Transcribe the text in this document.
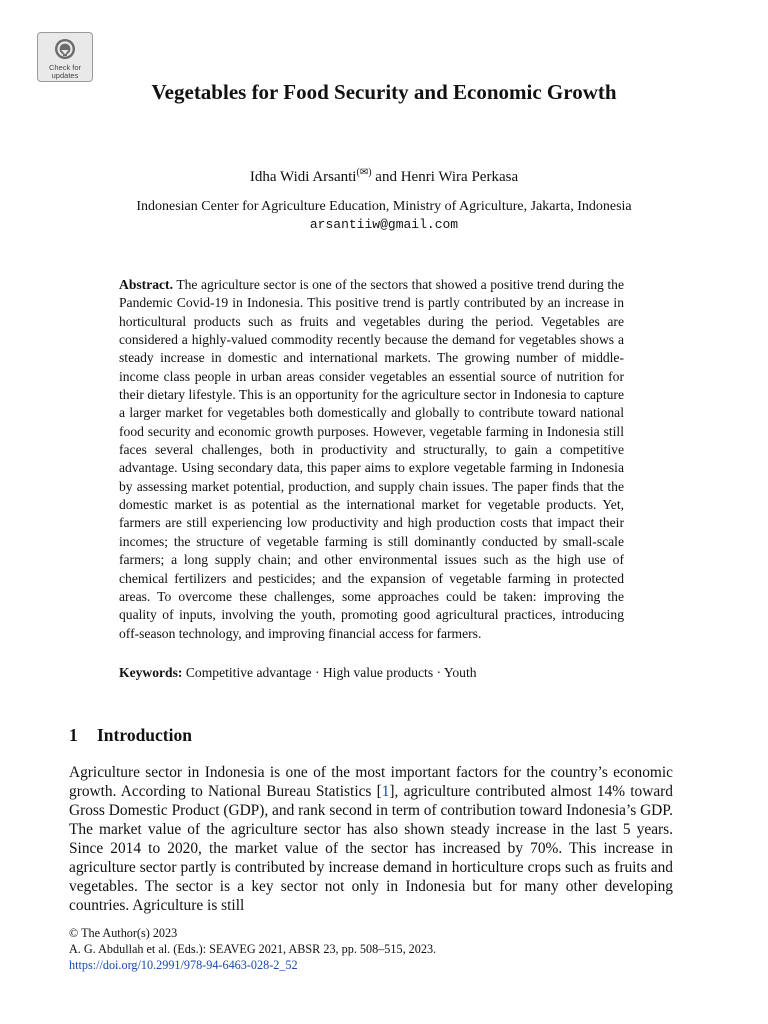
Check for
updates
Vegetables for Food Security and Economic Growth
Idha Widi Arsanti(✉) and Henri Wira Perkasa
Indonesian Center for Agriculture Education, Ministry of Agriculture, Jakarta, Indonesia
arsantiiw@gmail.com

Abstract. The agriculture sector is one of the sectors that showed a positive trend during the Pandemic Covid-19 in Indonesia. This positive trend is partly contributed by an increase in horticultural products such as fruits and vegetables during the period. Vegetables are considered a highly-valued commodity recently because the demand for vegetables shows a steady increase in domestic and international markets. The growing number of middle-income class people in urban areas consider vegetables an essential source of nutrition for their dietary lifestyle. This is an opportunity for the agriculture sector in Indonesia to capture a larger market for vegetables both domestically and globally to contribute toward national food security and economic growth purposes. However, vegetable farming in Indonesia still faces several challenges, both in productivity and structurally, to gain a competitive advantage. Using secondary data, this paper aims to explore vegetable farming in Indonesia by assessing market potential, production, and supply chain issues. The paper finds that the domestic market is as potential as the international market for vegetable products. Yet, farmers are still experiencing low productivity and high production costs that impact their incomes; the structure of vegetable farming is still dominantly conducted by small-scale farmers; a long supply chain; and other environmental issues such as the high use of chemical fertilizers and pesticides; and the expansion of vegetable farming in protected areas. To overcome these challenges, some approaches could be taken: improving the quality of inputs, involving the youth, promoting good agricultural practices, introducing off-season technology, and improving financial access for farmers.

Keywords: Competitive advantage · High value products · Youth
1 Introduction

Agriculture sector in Indonesia is one of the most important factors for the country’s economic growth. According to National Bureau Statistics [1], agriculture contributed almost 14% toward Gross Domestic Product (GDP), and rank second in term of contribution toward Indonesia’s GDP. The market value of the agriculture sector has also shown steady increase in the last 5 years. Since 2014 to 2020, the market value of the sector has increased by 70%. This increase in agriculture sector partly is contributed by increase demand in horticulture crops such as fruits and vegetables. The sector is a key sector not only in Indonesia but for many other developing countries. Agriculture is still

© The Author(s) 2023
A. G. Abdullah et al. (Eds.): SEAVEG 2021, ABSR 23, pp. 508–515, 2023.
https://doi.org/10.2991/978-94-6463-028-2_52
